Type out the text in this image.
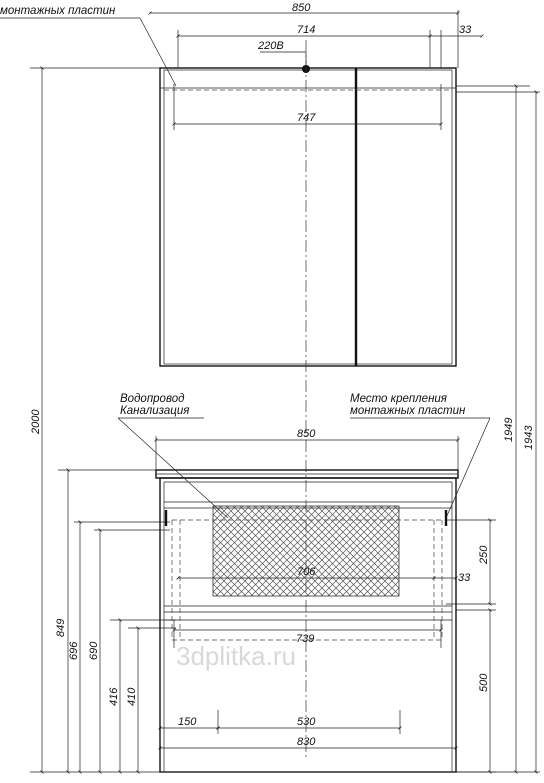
3dplitka.ru
850
714	33
747
220В
монтажных пластин
2000
849
696 690
416 410
1949 1943
250
500
850
706	33
739
150	530
830
Водопровод
Канализация
Место крепления
монтажных пластин
